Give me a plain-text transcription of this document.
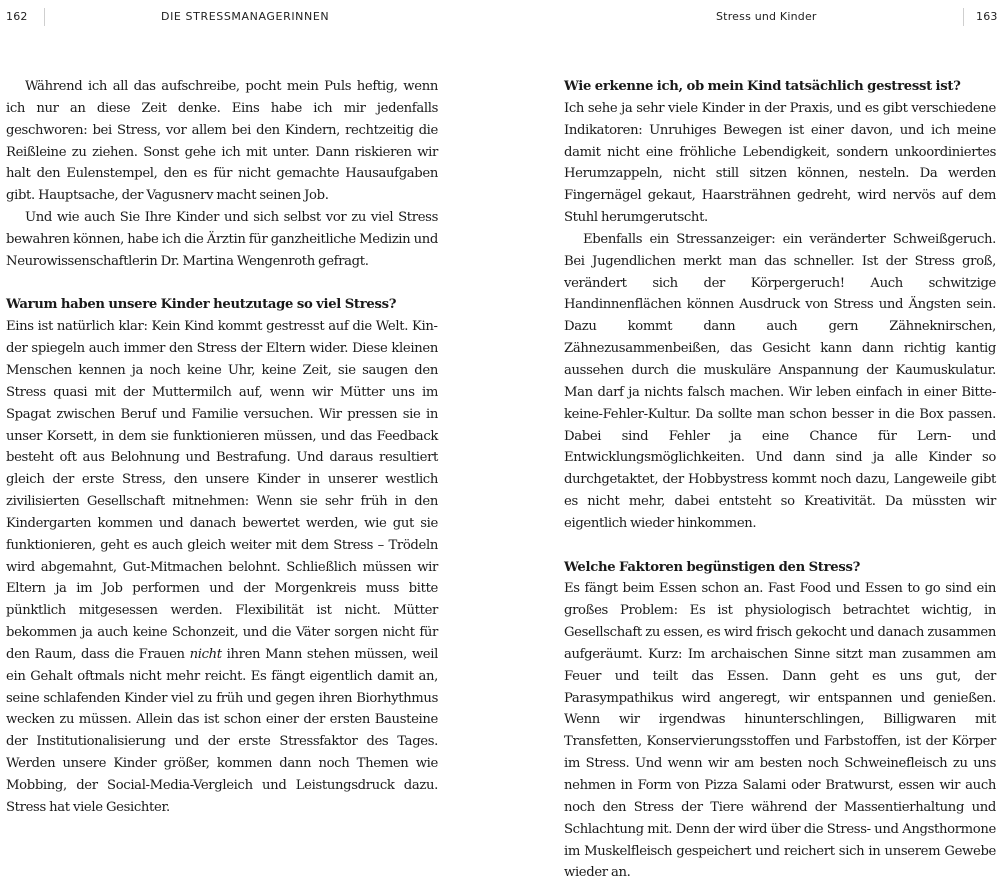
162	DIE STRESSMANAGERINNEN

Während ich all das aufschreibe, pocht mein Puls heftig, wenn ich nur an diese Zeit denke. Eins habe ich mir jedenfalls geschworen: bei Stress, vor allem bei den Kindern, rechtzeitig die Reißleine zu ziehen. Sonst gehe ich mit unter. Dann riskieren wir halt den Eulenstempel, den es für nicht gemachte Hausaufgaben gibt. Hauptsache, der Vagusnerv macht seinen Job.

Und wie auch Sie Ihre Kinder und sich selbst vor zu viel Stress bewahren können, habe ich die Ärztin für ganzheitliche Medizin und Neurowissenschaftlerin Dr. Martina Wengenroth gefragt.

Warum haben unsere Kinder heutzutage so viel Stress?

Eins ist natürlich klar: Kein Kind kommt gestresst auf die Welt. Kinder spiegeln auch immer den Stress der Eltern wider. Diese kleinen Menschen kennen ja noch keine Uhr, keine Zeit, sie saugen den Stress quasi mit der Muttermilch auf, wenn wir Mütter uns im Spagat zwischen Beruf und Familie versuchen. Wir pressen sie in unser Korsett, in dem sie funktionieren müssen, und das Feedback besteht oft aus Belohnung und Bestrafung. Und daraus resultiert gleich der erste Stress, den unsere Kinder in unserer westlich zivilisierten Gesellschaft mitnehmen: Wenn sie sehr früh in den Kindergarten kommen und danach bewertet werden, wie gut sie funktionieren, geht es auch gleich weiter mit dem Stress – Trödeln wird abgemahnt, Gut-Mitmachen belohnt. Schließlich müssen wir Eltern ja im Job performen und der Morgenkreis muss bitte pünktlich mitgesessen werden. Flexibilität ist nicht. Mütter bekommen ja auch keine Schonzeit, und die Väter sorgen nicht für den Raum, dass die Frauen nicht ihren Mann stehen müssen, weil ein Gehalt oftmals nicht mehr reicht. Es fängt eigentlich damit an, seine schlafenden Kinder viel zu früh und gegen ihren Biorhythmus wecken zu müssen. Allein das ist schon einer der ersten Bausteine der Institutionalisierung und der erste Stressfaktor des Tages. Werden unsere Kinder größer, kommen dann noch Themen wie Mobbing, der Social-Media-Vergleich und Leistungsdruck dazu. Stress hat viele Gesichter.

Stress und Kinder	163
Wie erkenne ich, ob mein Kind tatsächlich gestresst ist?

Ich sehe ja sehr viele Kinder in der Praxis, und es gibt verschiedene Indikatoren: Unruhiges Bewegen ist einer davon, und ich meine damit nicht eine fröhliche Lebendigkeit, sondern unkoordiniertes Herumzappeln, nicht still sitzen können, nesteln. Da werden Fingernägel gekaut, Haarsträhnen gedreht, wird nervös auf dem Stuhl herumgerutscht.

Ebenfalls ein Stressanzeiger: ein veränderter Schweißgeruch. Bei Jugendlichen merkt man das schneller. Ist der Stress groß, verändert sich der Körpergeruch! Auch schwitzige Handinnenflächen können Ausdruck von Stress und Ängsten sein. Dazu kommt dann auch gern Zähneknirschen, Zähnezusammenbeißen, das Gesicht kann dann richtig kantig aussehen durch die muskuläre Anspannung der Kaumuskulatur. Man darf ja nichts falsch machen. Wir leben einfach in einer Bitte-keine-Fehler-Kultur. Da sollte man schon besser in die Box passen. Dabei sind Fehler ja eine Chance für Lern- und Entwicklungsmöglichkeiten. Und dann sind ja alle Kinder so durchgetaktet, der Hobbystress kommt noch dazu, Langeweile gibt es nicht mehr, dabei entsteht so Kreativität. Da müssten wir eigentlich wieder hinkommen.

Welche Faktoren begünstigen den Stress?

Es fängt beim Essen schon an. Fast Food und Essen to go sind ein großes Problem: Es ist physiologisch betrachtet wichtig, in Gesellschaft zu essen, es wird frisch gekocht und danach zusammen aufgeräumt. Kurz: Im archaischen Sinne sitzt man zusammen am Feuer und teilt das Essen. Dann geht es uns gut, der Parasympathikus wird angeregt, wir entspannen und genießen. Wenn wir irgendwas hinunterschlingen, Billigwaren mit Transfetten, Konservierungsstoffen und Farbstoffen, ist der Körper im Stress. Und wenn wir am besten noch Schweinefleisch zu uns nehmen in Form von Pizza Salami oder Bratwurst, essen wir auch noch den Stress der Tiere während der Massentierhaltung und Schlachtung mit. Denn der wird über die Stress- und Angsthormone im Muskelfleisch gespeichert und reichert sich in unserem Gewebe wieder an.
